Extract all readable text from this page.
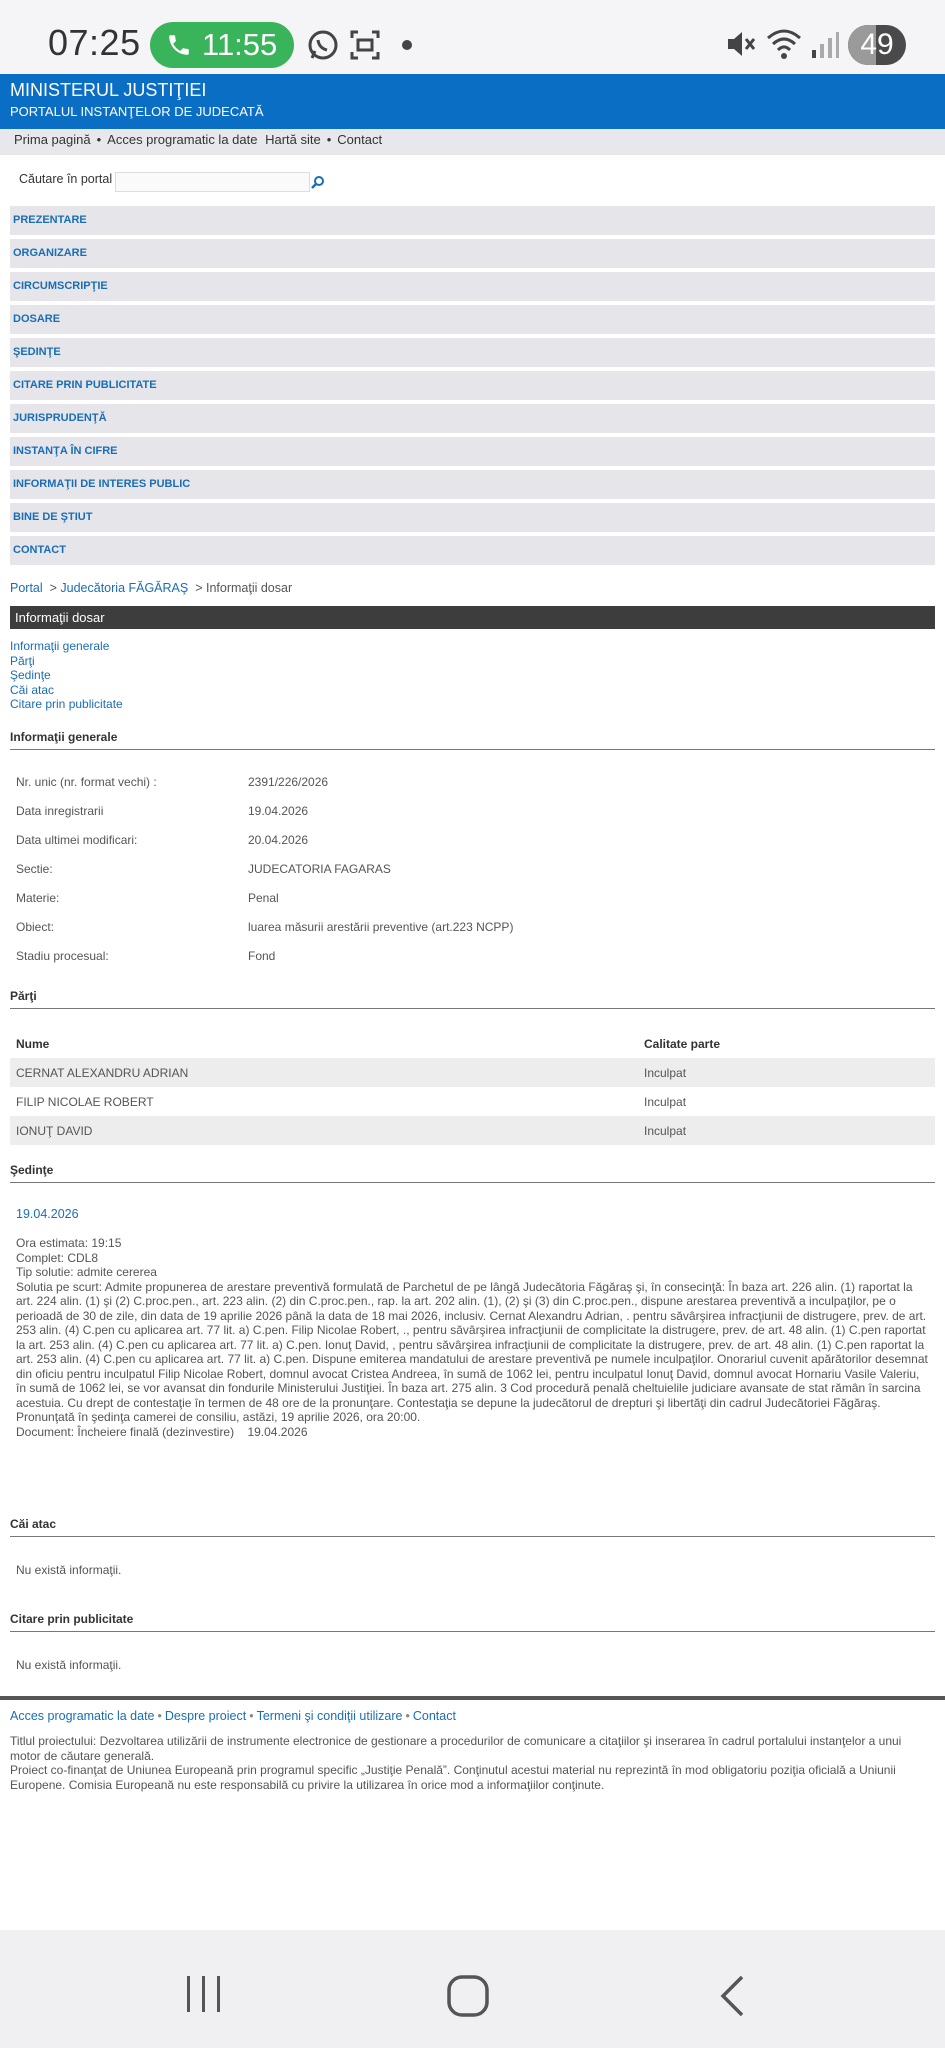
07:25 11:55	49
MINISTERUL JUSTIŢIEI
PORTALUL INSTANŢELOR DE JUDECATĂ
Prima pagină • Acces programatic la date Hartă site • Contact
Căutare în portal
PREZENTARE
ORGANIZARE
CIRCUMSCRIPŢIE
DOSARE
ŞEDINŢE
CITARE PRIN PUBLICITATE
JURISPRUDENŢĂ
INSTANŢA ÎN CIFRE
INFORMAŢII DE INTERES PUBLIC
BINE DE ŞTIUT
CONTACT
Portal  > Judecătoria FĂGĂRAŞ  > Informaţii dosar
Informaţii dosar
Informaţii generale
Părţi
Şedinţe
Căi atac
Citare prin publicitate
Informaţii generale
Nr. unic (nr. format vechi) :	2391/226/2026
Data inregistrarii	19.04.2026
Data ultimei modificari:	20.04.2026
Sectie:	JUDECATORIA FAGARAS
Materie:	Penal
Obiect:	luarea măsurii arestării preventive (art.223 NCPP)
Stadiu procesual:	Fond
Părţi
Nume	Calitate parte
CERNAT ALEXANDRU ADRIAN	Inculpat
FILIP NICOLAE ROBERT	Inculpat
IONUŢ DAVID	Inculpat
Şedinţe
19.04.2026
Ora estimata: 19:15
Complet: CDL8
Tip solutie: admite cererea
Solutia pe scurt: Admite propunerea de arestare preventivă formulată de Parchetul de pe lângă Judecătoria Făgăraş şi, în consecinţă: În baza art. 226 alin. (1) raportat la art. 224 alin. (1) şi (2) C.proc.pen., art. 223 alin. (2) din C.proc.pen., rap. la art. 202 alin. (1), (2) şi (3) din C.proc.pen., dispune arestarea preventivă a inculpaţilor, pe o perioadă de 30 de zile, din data de 19 aprilie 2026 până la data de 18 mai 2026, inclusiv. Cernat Alexandru Adrian, . pentru săvârşirea infracţiunii de distrugere, prev. de art. 253 alin. (4) C.pen cu aplicarea art. 77 lit. a) C.pen. Filip Nicolae Robert, ., pentru săvârşirea infracţiunii de complicitate la distrugere, prev. de art. 48 alin. (1) C.pen raportat la art. 253 alin. (4) C.pen cu aplicarea art. 77 lit. a) C.pen. Ionuţ David, , pentru săvârşirea infracţiunii de complicitate la distrugere, prev. de art. 48 alin. (1) C.pen raportat la art. 253 alin. (4) C.pen cu aplicarea art. 77 lit. a) C.pen. Dispune emiterea mandatului de arestare preventivă pe numele inculpaţilor. Onorariul cuvenit apărătorilor desemnat din oficiu pentru inculpatul Filip Nicolae Robert, domnul avocat Cristea Andreea, în sumă de 1062 lei, pentru inculpatul Ionuţ David, domnul avocat Hornariu Vasile Valeriu, în sumă de 1062 lei, se vor avansat din fondurile Ministerului Justiţiei. În baza art. 275 alin. 3 Cod procedură penală cheltuielile judiciare avansate de stat rămân în sarcina acestuia. Cu drept de contestaţie în termen de 48 ore de la pronunţare. Contestaţia se depune la judecătorul de drepturi şi libertăţi din cadrul Judecătoriei Făgăraş. Pronunţată în şedinţa camerei de consiliu, astăzi, 19 aprilie 2026, ora 20:00.
Document: Încheiere finală (dezinvestire)    19.04.2026
Căi atac
Nu există informaţii.
Citare prin publicitate
Nu există informaţii.
Acces programatic la date • Despre proiect • Termeni şi condiţii utilizare • Contact
Titlul proiectului: Dezvoltarea utilizării de instrumente electronice de gestionare a procedurilor de comunicare a citaţiilor şi inserarea în cadrul portalului instanţelor a unui motor de căutare generală.
Proiect co-finanţat de Uniunea Europeană prin programul specific „Justiţie Penală”. Conţinutul acestui material nu reprezintă în mod obligatoriu poziţia oficială a Uniunii Europene. Comisia Europeană nu este responsabilă cu privire la utilizarea în orice mod a informaţiilor conţinute.
